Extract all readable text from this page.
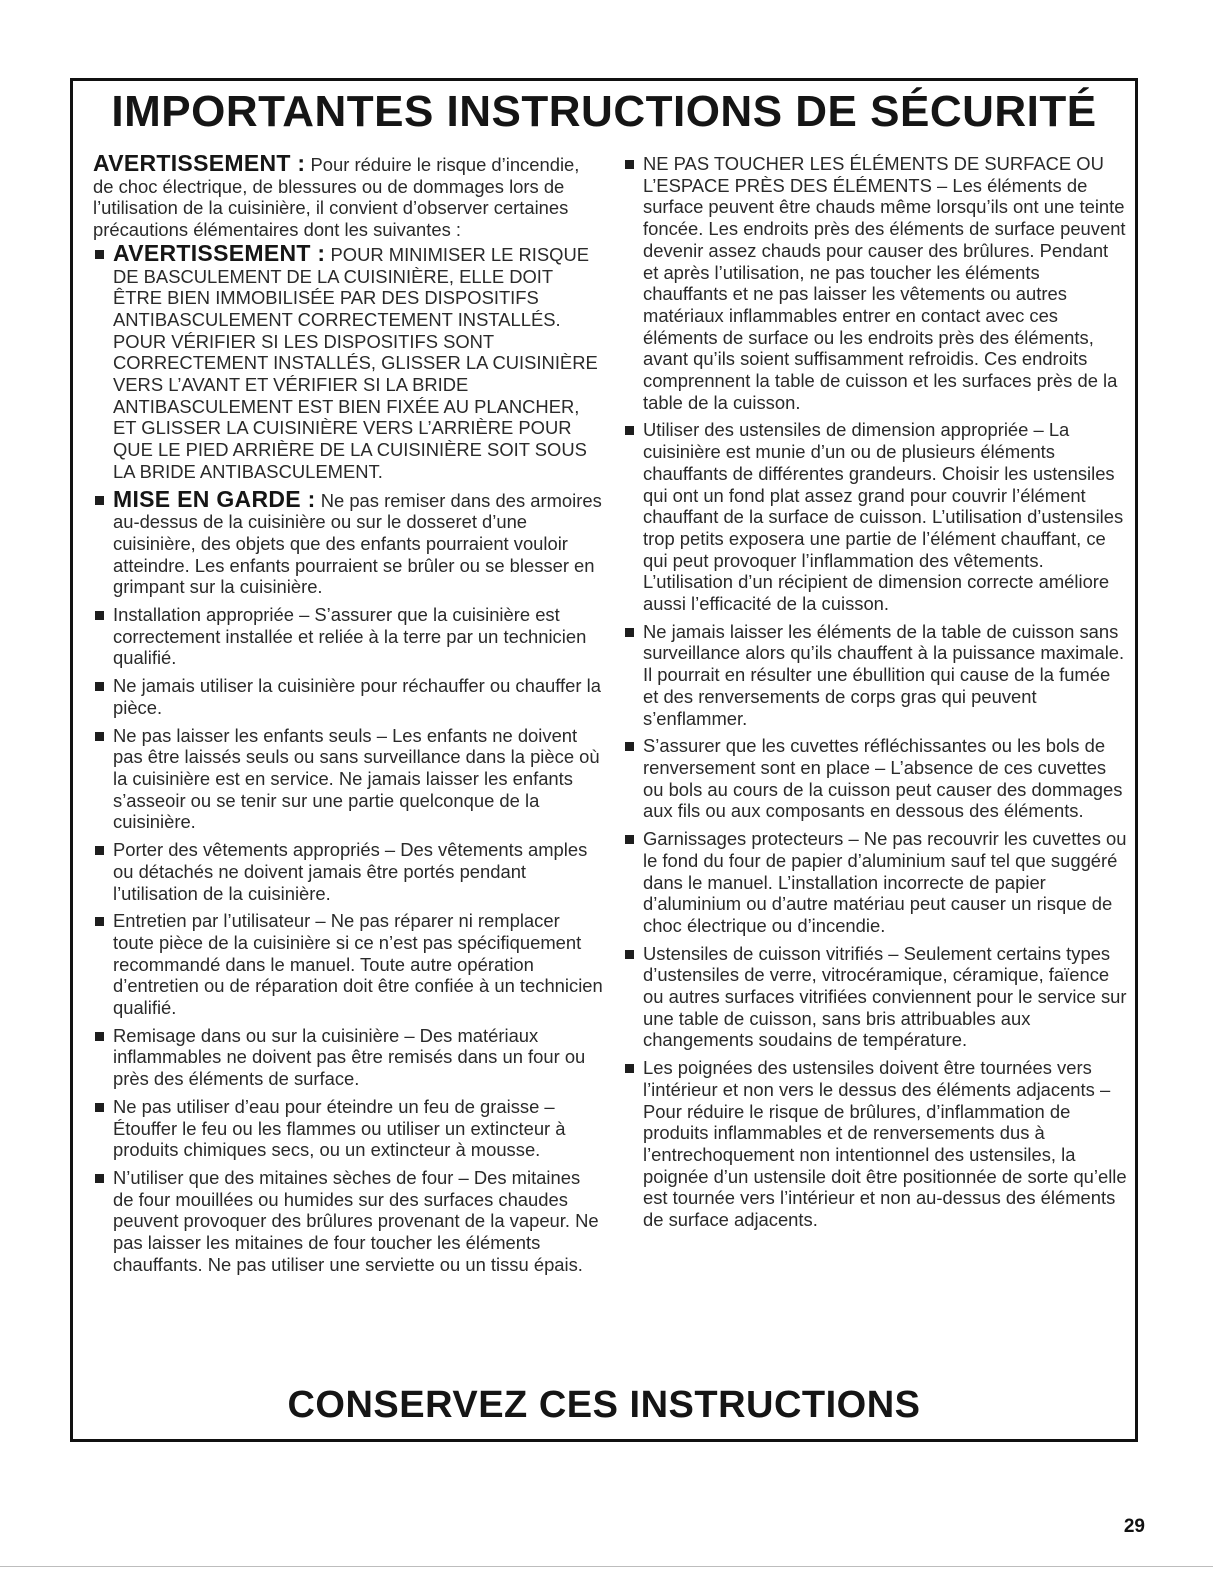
IMPORTANTES INSTRUCTIONS DE SÉCURITÉ

AVERTISSEMENT : Pour réduire le risque d’incendie, de choc électrique, de blessures ou de dommages lors de l’utilisation de la cuisinière, il convient d’observer certaines précautions élémentaires dont les suivantes :

AVERTISSEMENT : POUR MINIMISER LE RISQUE DE BASCULEMENT DE LA CUISINIÈRE, ELLE DOIT ÊTRE BIEN IMMOBILISÉE PAR DES DISPOSITIFS ANTIBASCULEMENT CORRECTEMENT INSTALLÉS. POUR VÉRIFIER SI LES DISPOSITIFS SONT CORRECTEMENT INSTALLÉS, GLISSER LA CUISINIÈRE VERS L’AVANT ET VÉRIFIER SI LA BRIDE ANTIBASCULEMENT EST BIEN FIXÉE AU PLANCHER, ET GLISSER LA CUISINIÈRE VERS L’ARRIÈRE POUR QUE LE PIED ARRIÈRE DE LA CUISINIÈRE SOIT SOUS LA BRIDE ANTIBASCULEMENT.

MISE EN GARDE : Ne pas remiser dans des armoires au-dessus de la cuisinière ou sur le dosseret d’une cuisinière, des objets que des enfants pourraient vouloir atteindre. Les enfants pourraient se brûler ou se blesser en grimpant sur la cuisinière.

Installation appropriée – S’assurer que la cuisinière est correctement installée et reliée à la terre par un technicien qualifié.

Ne jamais utiliser la cuisinière pour réchauffer ou chauffer la pièce.

Ne pas laisser les enfants seuls – Les enfants ne doivent pas être laissés seuls ou sans surveillance dans la pièce où la cuisinière est en service. Ne jamais laisser les enfants s’asseoir ou se tenir sur une partie quelconque de la cuisinière.

Porter des vêtements appropriés – Des vêtements amples ou détachés ne doivent jamais être portés pendant l’utilisation de la cuisinière.

Entretien par l’utilisateur – Ne pas réparer ni remplacer toute pièce de la cuisinière si ce n’est pas spécifiquement recommandé dans le manuel. Toute autre opération d’entretien ou de réparation doit être confiée à un technicien qualifié.

Remisage dans ou sur la cuisinière – Des matériaux inflammables ne doivent pas être remisés dans un four ou près des éléments de surface.

Ne pas utiliser d’eau pour éteindre un feu de graisse – Étouffer le feu ou les flammes ou utiliser un extincteur à produits chimiques secs, ou un extincteur à mousse.

N’utiliser que des mitaines sèches de four – Des mitaines de four mouillées ou humides sur des surfaces chaudes peuvent provoquer des brûlures provenant de la vapeur. Ne pas laisser les mitaines de four toucher les éléments chauffants. Ne pas utiliser une serviette ou un tissu épais.

NE PAS TOUCHER LES ÉLÉMENTS DE SURFACE OU L’ESPACE PRÈS DES ÉLÉMENTS – Les éléments de surface peuvent être chauds même lorsqu’ils ont une teinte foncée. Les endroits près des éléments de surface peuvent devenir assez chauds pour causer des brûlures. Pendant et après l’utilisation, ne pas toucher les éléments chauffants et ne pas laisser les vêtements ou autres matériaux inflammables entrer en contact avec ces éléments de surface ou les endroits près des éléments, avant qu’ils soient suffisamment refroidis. Ces endroits comprennent la table de cuisson et les surfaces près de la table de la cuisson.

Utiliser des ustensiles de dimension appropriée – La cuisinière est munie d’un ou de plusieurs éléments chauffants de différentes grandeurs. Choisir les ustensiles qui ont un fond plat assez grand pour couvrir l’élément chauffant de la surface de cuisson. L’utilisation d’ustensiles trop petits exposera une partie de l’élément chauffant, ce qui peut provoquer l’inflammation des vêtements. L’utilisation d’un récipient de dimension correcte améliore aussi l’efficacité de la cuisson.

Ne jamais laisser les éléments de la table de cuisson sans surveillance alors qu’ils chauffent à la puissance maximale. Il pourrait en résulter une ébullition qui cause de la fumée et des renversements de corps gras qui peuvent s’enflammer.

S’assurer que les cuvettes réfléchissantes ou les bols de renversement sont en place – L’absence de ces cuvettes ou bols au cours de la cuisson peut causer des dommages aux fils ou aux composants en dessous des éléments.

Garnissages protecteurs – Ne pas recouvrir les cuvettes ou le fond du four de papier d’aluminium sauf tel que suggéré dans le manuel. L’installation incorrecte de papier d’aluminium ou d’autre matériau peut causer un risque de choc électrique ou d’incendie.

Ustensiles de cuisson vitrifiés – Seulement certains types d’ustensiles de verre, vitrocéramique, céramique, faïence ou autres surfaces vitrifiées conviennent pour le service sur une table de cuisson, sans bris attribuables aux changements soudains de température.

Les poignées des ustensiles doivent être tournées vers l’intérieur et non vers le dessus des éléments adjacents – Pour réduire le risque de brûlures, d’inflammation de produits inflammables et de renversements dus à l’entrechoquement non intentionnel des ustensiles, la poignée d’un ustensile doit être positionnée de sorte qu’elle est tournée vers l’intérieur et non au-dessus des éléments de surface adjacents.

CONSERVEZ CES INSTRUCTIONS
29
